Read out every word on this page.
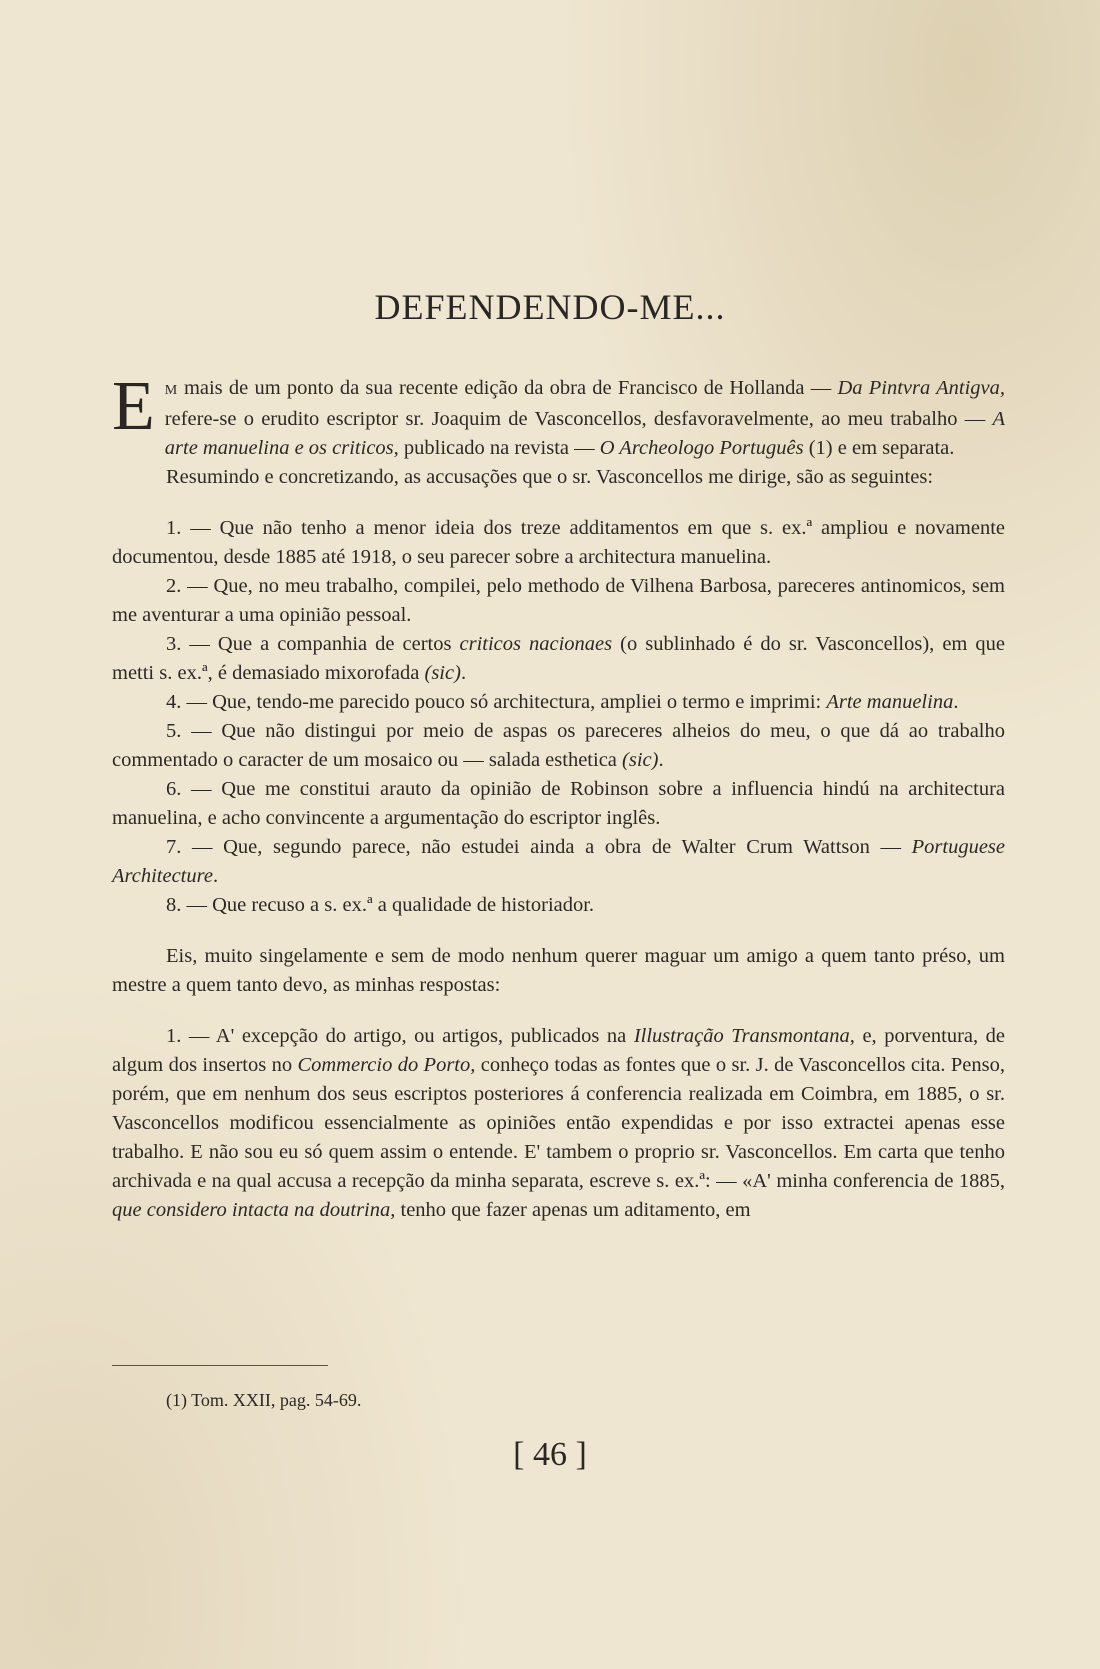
DEFENDENDO-ME...

E M mais de um ponto da sua recente edição da obra de Francisco de Hollanda — Da Pintvra Antigva, refere-se o erudito escriptor sr. Joaquim de Vasconcellos, desfavoravelmente, ao meu trabalho — A arte manuelina e os criticos, publicado na revista — O Archeologo Português (1) e em separata.

Resumindo e concretizando, as accusações que o sr. Vasconcellos me dirige, são as seguintes:

1. — Que não tenho a menor ideia dos treze additamentos em que s. ex.ª ampliou e novamente documentou, desde 1885 até 1918, o seu parecer sobre a architectura manuelina.

2. — Que, no meu trabalho, compilei, pelo methodo de Vilhena Barbosa, pareceres antinomicos, sem me aventurar a uma opinião pessoal.

3. — Que a companhia de certos criticos nacionaes (o sublinhado é do sr. Vasconcellos), em que metti s. ex.ª, é demasiado mixorofada (sic).

4. — Que, tendo-me parecido pouco só architectura, ampliei o termo e imprimi: Arte manuelina.

5. — Que não distingui por meio de aspas os pareceres alheios do meu, o que dá ao trabalho commentado o caracter de um mosaico ou — salada esthetica (sic).

6. — Que me constitui arauto da opinião de Robinson sobre a influencia hindú na architectura manuelina, e acho convincente a argumentação do escriptor inglês.

7. — Que, segundo parece, não estudei ainda a obra de Walter Crum Wattson — Portuguese Architecture.

8. — Que recuso a s. ex.ª a qualidade de historiador.

Eis, muito singelamente e sem de modo nenhum querer maguar um amigo a quem tanto préso, um mestre a quem tanto devo, as minhas respostas:

1. — A' excepção do artigo, ou artigos, publicados na Illustração Transmontana, e, porventura, de algum dos insertos no Commercio do Porto, conheço todas as fontes que o sr. J. de Vasconcellos cita. Penso, porém, que em nenhum dos seus escriptos posteriores á conferencia realizada em Coimbra, em 1885, o sr. Vasconcellos modificou essencialmente as opiniões então expendidas e por isso extractei apenas esse trabalho. E não sou eu só quem assim o entende. E' tambem o proprio sr. Vasconcellos. Em carta que tenho archivada e na qual accusa a recepção da minha separata, escreve s. ex.ª: — «A' minha conferencia de 1885, que considero intacta na doutrina, tenho que fazer apenas um aditamento, em

(1) Tom. XXII, pag. 54-69.
[ 46 ]
